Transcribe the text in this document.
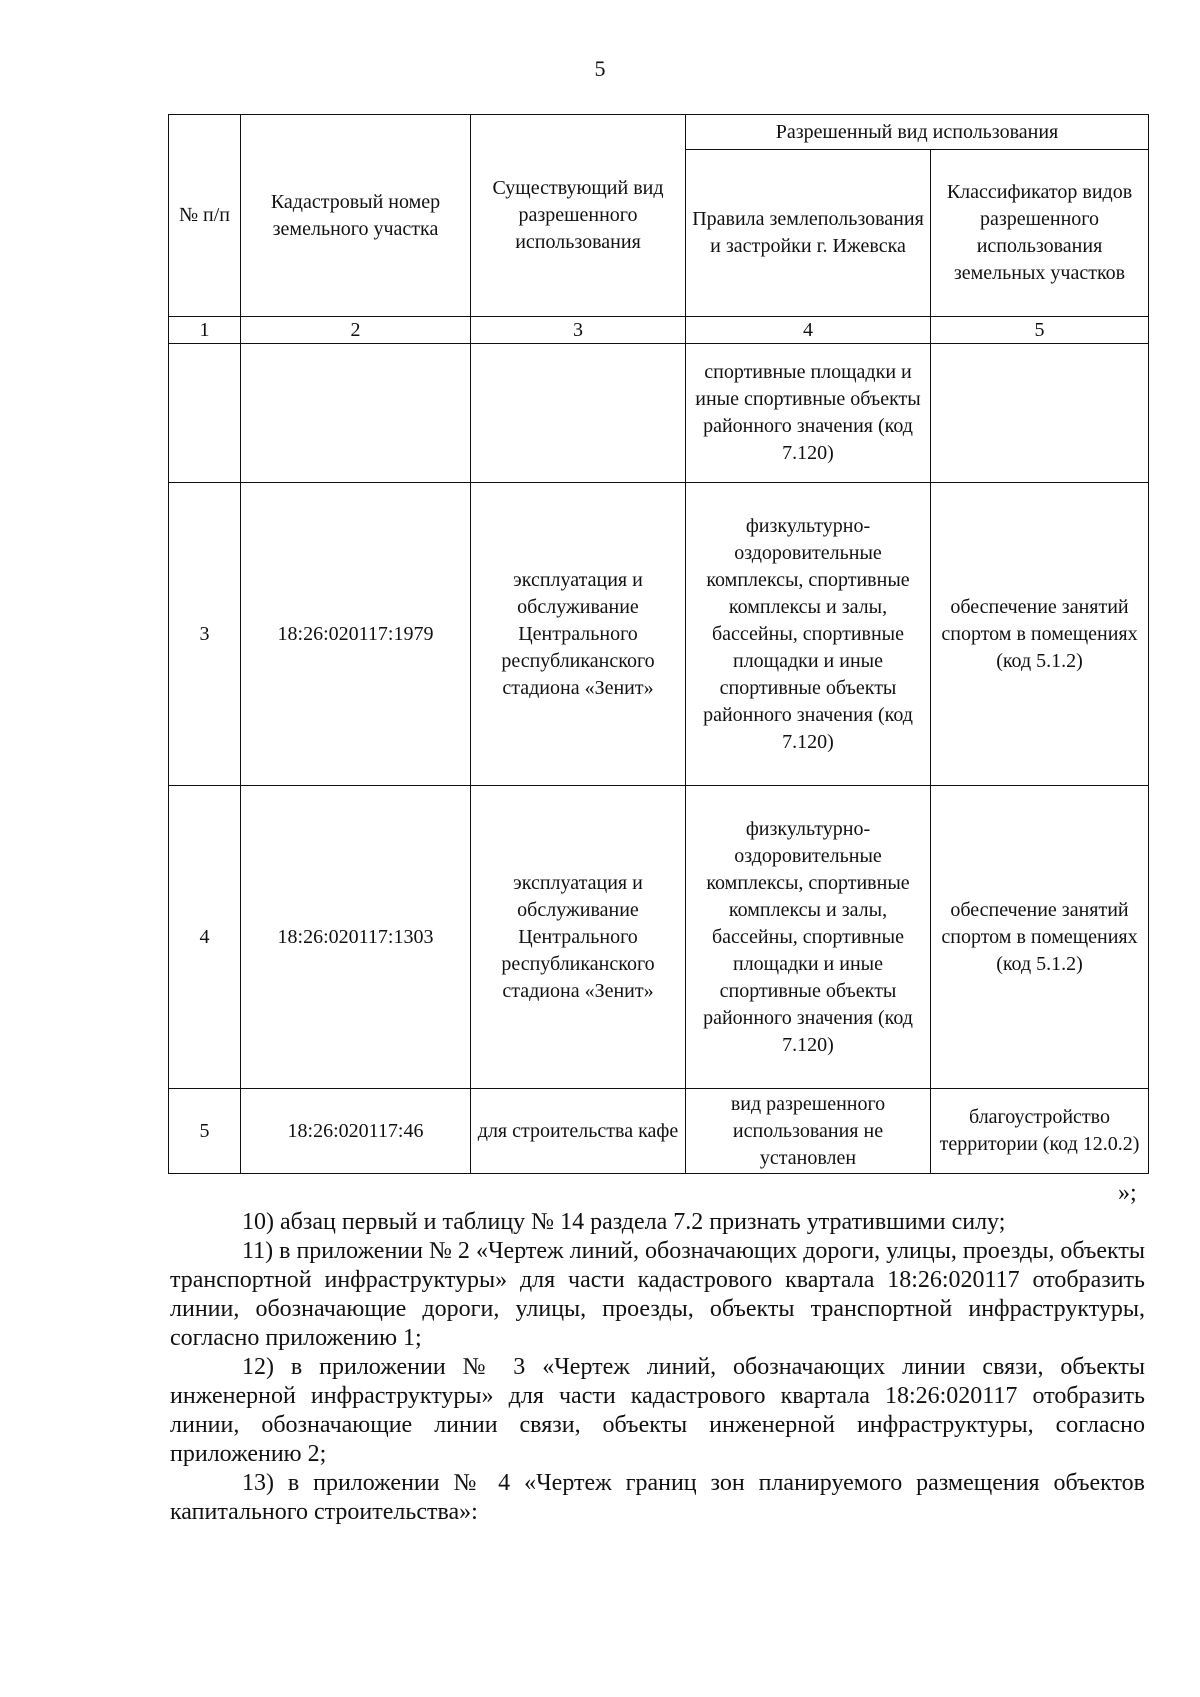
5
№ п/п	Кадастровый номер земельного участка	Существующий вид разрешенного использования	Разрешенный вид использования	
			Правила землепользования и застройки г. Ижевска	Классификатор видов разрешенного использования земельных участков
1	2	3	4	5
			спортивные площадки и иные спортивные объекты районного значения (код 7.120)	
3	18:26:020117:1979	эксплуатация и обслуживание Центрального республиканского стадиона «Зенит»	физкультурно-оздоровительные комплексы, спортивные комплексы и залы, бассейны, спортивные площадки и иные спортивные объекты районного значения (код 7.120)	обеспечение занятий спортом в помещениях (код 5.1.2)
4	18:26:020117:1303	эксплуатация и обслуживание Центрального республиканского стадиона «Зенит»	физкультурно-оздоровительные комплексы, спортивные комплексы и залы, бассейны, спортивные площадки и иные спортивные объекты районного значения (код 7.120)	обеспечение занятий спортом в помещениях (код 5.1.2)
5	18:26:020117:46	для строительства кафе	вид разрешенного использования не установлен	благоустройство территории (код 12.0.2)
»;

10) абзац первый и таблицу № 14 раздела 7.2 признать утратившими силу;

11) в приложении № 2 «Чертеж линий, обозначающих дороги, улицы, проезды, объекты транспортной инфраструктуры» для части кадастрового квартала 18:26:020117 отобразить линии, обозначающие дороги, улицы, проезды, объекты транспортной инфраструктуры, согласно приложению 1;

12) в приложении № 3 «Чертеж линий, обозначающих линии связи, объекты инженерной инфраструктуры» для части кадастрового квартала 18:26:020117 отобразить линии, обозначающие линии связи, объекты инженерной инфраструктуры, согласно приложению 2;

13) в приложении № 4 «Чертеж границ зон планируемого размещения объектов капитального строительства»:
